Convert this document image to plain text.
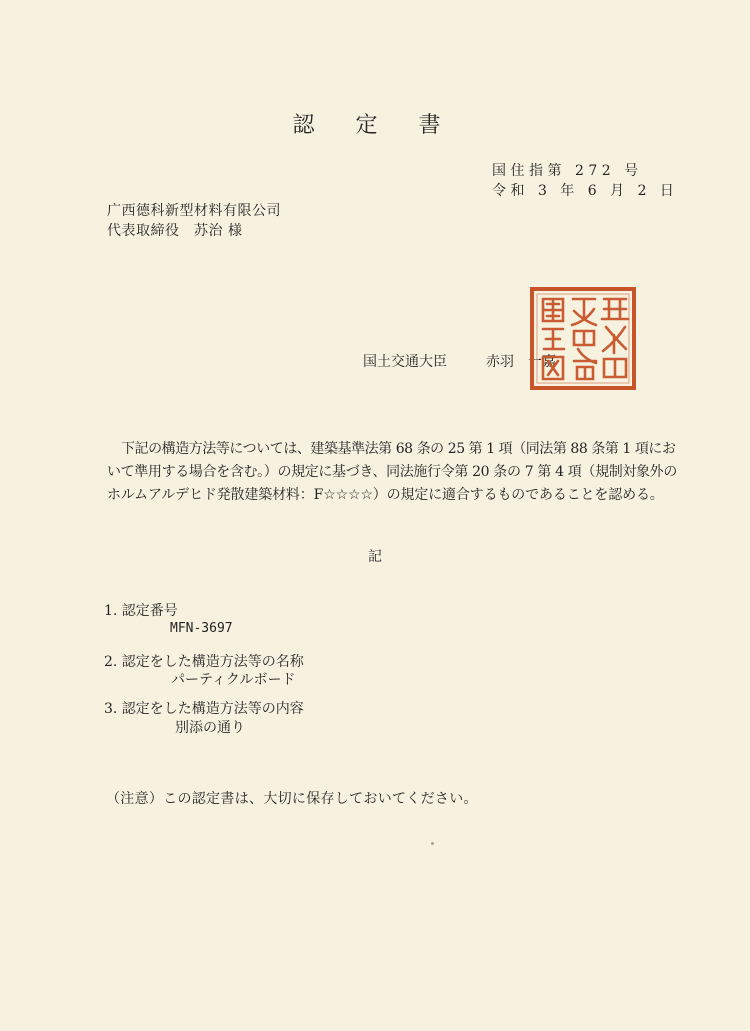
認 定 書
国住指第 272 号
令和 3 年 6 月 2 日
广西德科新型材料有限公司
代表取締役　苏治 様
国土交通大臣	赤羽　一嘉
下記の構造方法等については、建築基準法第 68 条の 25 第 1 項（同法第 88 条第 1 項にお
いて準用する場合を含む。）の規定に基づき、同法施行令第 20 条の 7 第 4 項（規制対象外の
ホルムアルデヒド発散建築材料：F☆☆☆☆）の規定に適合するものであることを認める。
記
1. 認定番号
MFN-3697
2. 認定をした構造方法等の名称
パーティクルボード
3. 認定をした構造方法等の内容
別添の通り
（注意）この認定書は、大切に保存しておいてください。
